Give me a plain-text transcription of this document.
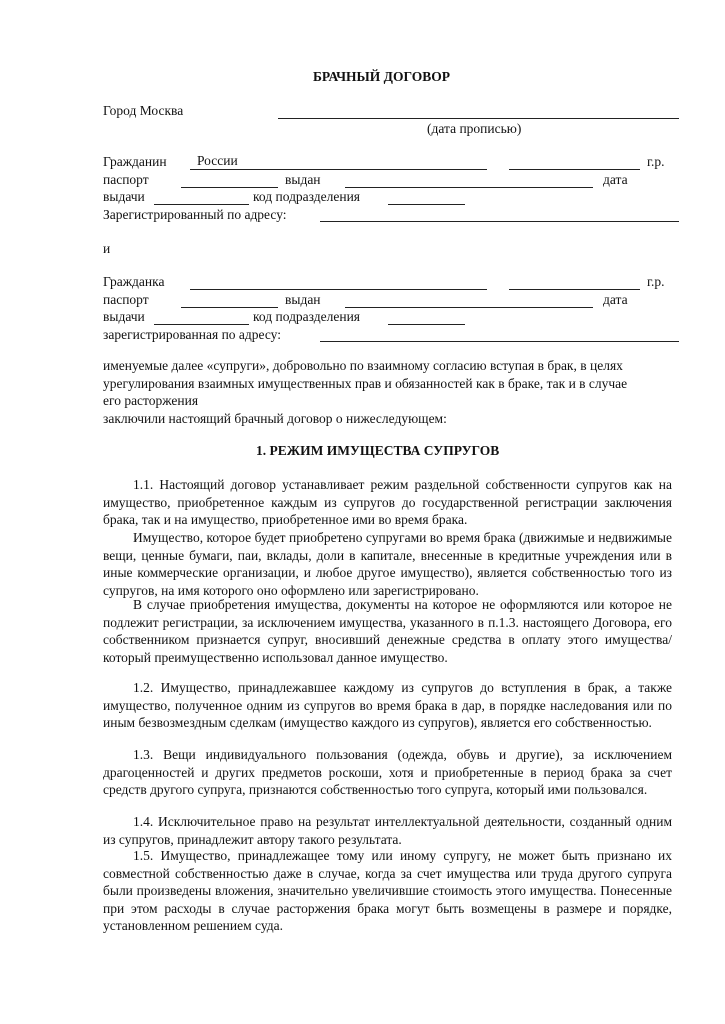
БРАЧНЫЙ ДОГОВОР
Город Москва
(дата прописью)
Гражданин России	г.р.
паспорт	выдан	дата
выдачи	код подразделения
Зарегистрированный по адресу:
и
Гражданка	г.р.
паспорт	выдан	дата
выдачи	код подразделения
зарегистрированная по адресу:
именуемые далее «супруги», добровольно по взаимному согласию вступая в брак, в целях
урегулирования взаимных имущественных прав и обязанностей как в браке, так и в случае
его расторжения
заключили настоящий брачный договор о нижеследующем:
1. РЕЖИМ ИМУЩЕСТВА СУПРУГОВ
1.1. Настоящий договор устанавливает режим раздельной собственности супругов как на имущество, приобретенное каждым из супругов до государственной регистрации заключения брака, так и на имущество, приобретенное ими во время брака.
Имущество, которое будет приобретено супругами во время брака (движимые и недвижимые вещи, ценные бумаги, паи, вклады, доли в капитале, внесенные в кредитные учреждения или в иные коммерческие организации, и любое другое имущество), является собственностью того из супругов, на имя которого оно оформлено или зарегистрировано.
В случае приобретения имущества, документы на которое не оформляются или которое не подлежит регистрации, за исключением имущества, указанного в п.1.3. настоящего Договора, его собственником признается супруг, вносивший денежные средства в оплату этого имущества/который преимущественно использовал данное имущество.
1.2. Имущество, принадлежавшее каждому из супругов до вступления в брак, а также имущество, полученное одним из супругов во время брака в дар, в порядке наследования или по иным безвозмездным сделкам (имущество каждого из супругов), является его собственностью.
1.3. Вещи индивидуального пользования (одежда, обувь и другие), за исключением драгоценностей и других предметов роскоши, хотя и приобретенные в период брака за счет средств другого супруга, признаются собственностью того супруга, который ими пользовался.
1.4. Исключительное право на результат интеллектуальной деятельности, созданный одним из супругов, принадлежит автору такого результата.
1.5. Имущество, принадлежащее тому или иному супругу, не может быть признано их совместной собственностью даже в случае, когда за счет имущества или труда другого супруга были произведены вложения, значительно увеличившие стоимость этого имущества. Понесенные при этом расходы в случае расторжения брака могут быть возмещены в размере и порядке, установленном решением суда.
